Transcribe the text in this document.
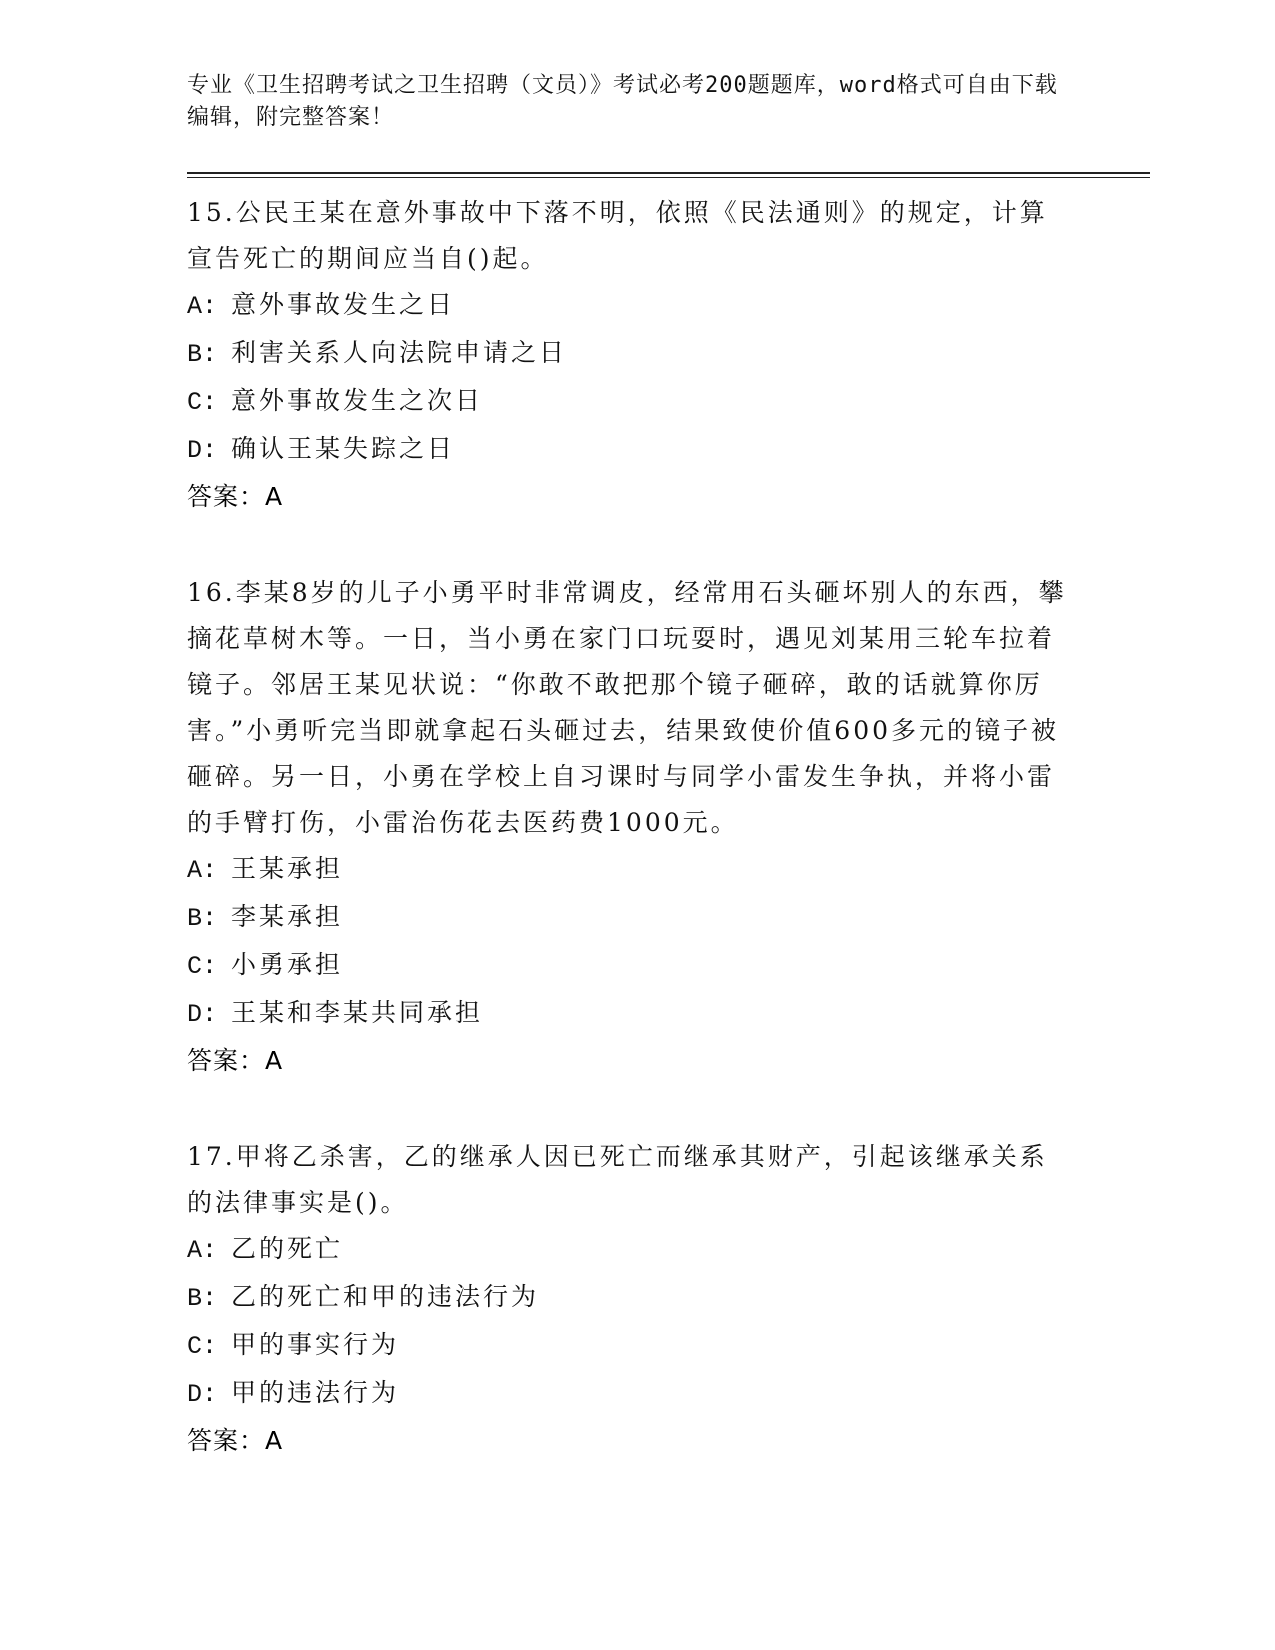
专业《卫生招聘考试之卫生招聘（文员）》考试必考200题题库，word格式可自由下载编辑，附完整答案！

15.公民王某在意外事故中下落不明，依照《民法通则》的规定，计算宣告死亡的期间应当自()起。

A: 意外事故发生之日

B: 利害关系人向法院申请之日

C: 意外事故发生之次日

D: 确认王某失踪之日

答案：A

16.李某8岁的儿子小勇平时非常调皮，经常用石头砸坏别人的东西，攀摘花草树木等。一日，当小勇在家门口玩耍时，遇见刘某用三轮车拉着镜子。邻居王某见状说：“你敢不敢把那个镜子砸碎，敢的话就算你厉害。”小勇听完当即就拿起石头砸过去，结果致使价值600多元的镜子被砸碎。另一日，小勇在学校上自习课时与同学小雷发生争执，并将小雷的手臂打伤，小雷治伤花去医药费1000元。

A: 王某承担

B: 李某承担

C: 小勇承担

D: 王某和李某共同承担

答案：A

17.甲将乙杀害，乙的继承人因已死亡而继承其财产，引起该继承关系的法律事实是()。

A: 乙的死亡

B: 乙的死亡和甲的违法行为

C: 甲的事实行为

D: 甲的违法行为

答案：A
